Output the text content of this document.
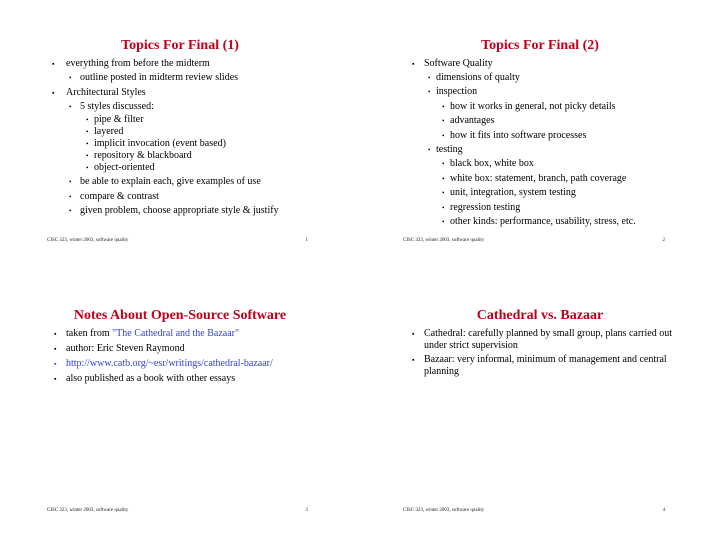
Topics For Final (1)
▪ everything from before the midterm
• outline posted in midterm review slides
▪ Architectural Styles
• 5 styles discussed:
• pipe & filter
• layered
• implicit invocation (event based)
• repository & blackboard
• object-oriented
• be able to explain each, give examples of use
• compare & contrast
• given problem, choose appropriate style & justify
CISC 323, winter 2003, software quality	1
Topics For Final (2)
▪ Software Quality
• dimensions of qualty
• inspection
• how it works in general, not picky details
• advantages
• how it fits into software processes
• testing
• black box, white box
• white box: statement, branch, path coverage
• unit, integration, system testing
• regression testing
• other kinds: performance, usability, stress, etc.
CISC 323, winter 2003, software quality	2
Notes About Open-Source Software
▪ taken from "The Cathedral and the Bazaar"
▪ author: Eric Steven Raymond
▪ http://www.catb.org/~esr/writings/cathedral-bazaar/
▪ also published as a book with other essays
CISC 323, winter 2003, software quality	3
Cathedral vs. Bazaar
▪ Cathedral: carefully planned by small group, plans carried out under strict supervision
▪ Bazaar: very informal, minimum of management and central planning
CISC 323, winter 2003, software quality	4
